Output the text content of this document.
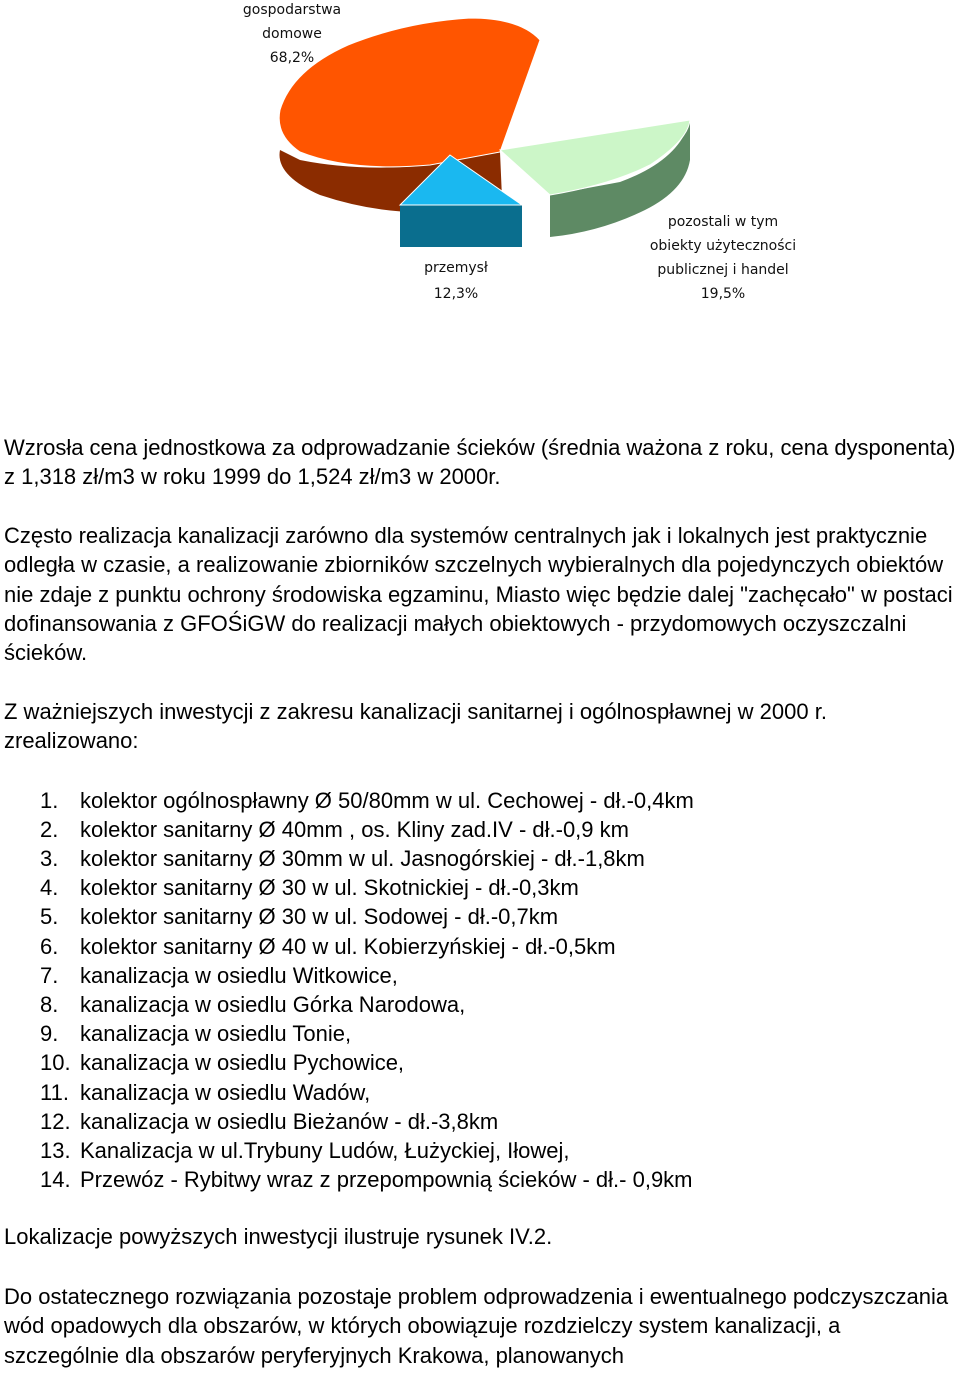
gospodarstwa
domowe
68,2%
przemysł
12,3%
pozostali w tym
obiekty użyteczności
publicznej i handel
19,5%

Wzrosła cena jednostkowa za odprowadzanie ścieków (średnia ważona z roku, cena dysponenta) z 1,318 zł/m3 w roku 1999 do 1,524 zł/m3 w 2000r.

Często realizacja kanalizacji zarówno dla systemów centralnych jak i lokalnych jest praktycznie odległa w czasie, a realizowanie zbiorników szczelnych wybieralnych dla pojedynczych obiektów nie zdaje z punktu ochrony środowiska egzaminu, Miasto więc będzie dalej "zachęcało" w postaci dofinansowania z GFOŚiGW do realizacji małych obiektowych - przydomowych oczyszczalni ścieków.

Z ważniejszych inwestycji z zakresu kanalizacji sanitarnej i ogólnospławnej w 2000 r. zrealizowano:

1. kolektor ogólnospławny Ø 50/80mm w ul. Cechowej - dł.-0,4km
2. kolektor sanitarny Ø 40mm , os. Kliny zad.IV - dł.-0,9 km
3. kolektor sanitarny Ø 30mm w ul. Jasnogórskiej - dł.-1,8km
4. kolektor sanitarny Ø 30 w ul. Skotnickiej - dł.-0,3km
5. kolektor sanitarny Ø 30 w ul. Sodowej - dł.-0,7km
6. kolektor sanitarny Ø 40 w ul. Kobierzyńskiej - dł.-0,5km
7. kanalizacja w osiedlu Witkowice,
8. kanalizacja w osiedlu Górka Narodowa,
9. kanalizacja w osiedlu Tonie,
10. kanalizacja w osiedlu Pychowice,
11. kanalizacja w osiedlu Wadów,
12. kanalizacja w osiedlu Bieżanów - dł.-3,8km
13. Kanalizacja w ul.Trybuny Ludów, Łużyckiej, Iłowej,
14. Przewóz - Rybitwy wraz z przepompownią ścieków - dł.- 0,9km

Lokalizacje powyższych inwestycji ilustruje rysunek IV.2.

Do ostatecznego rozwiązania pozostaje problem odprowadzenia i ewentualnego podczyszczania wód opadowych dla obszarów, w których obowiązuje rozdzielczy system kanalizacji, a szczególnie dla obszarów peryferyjnych Krakowa, planowanych
